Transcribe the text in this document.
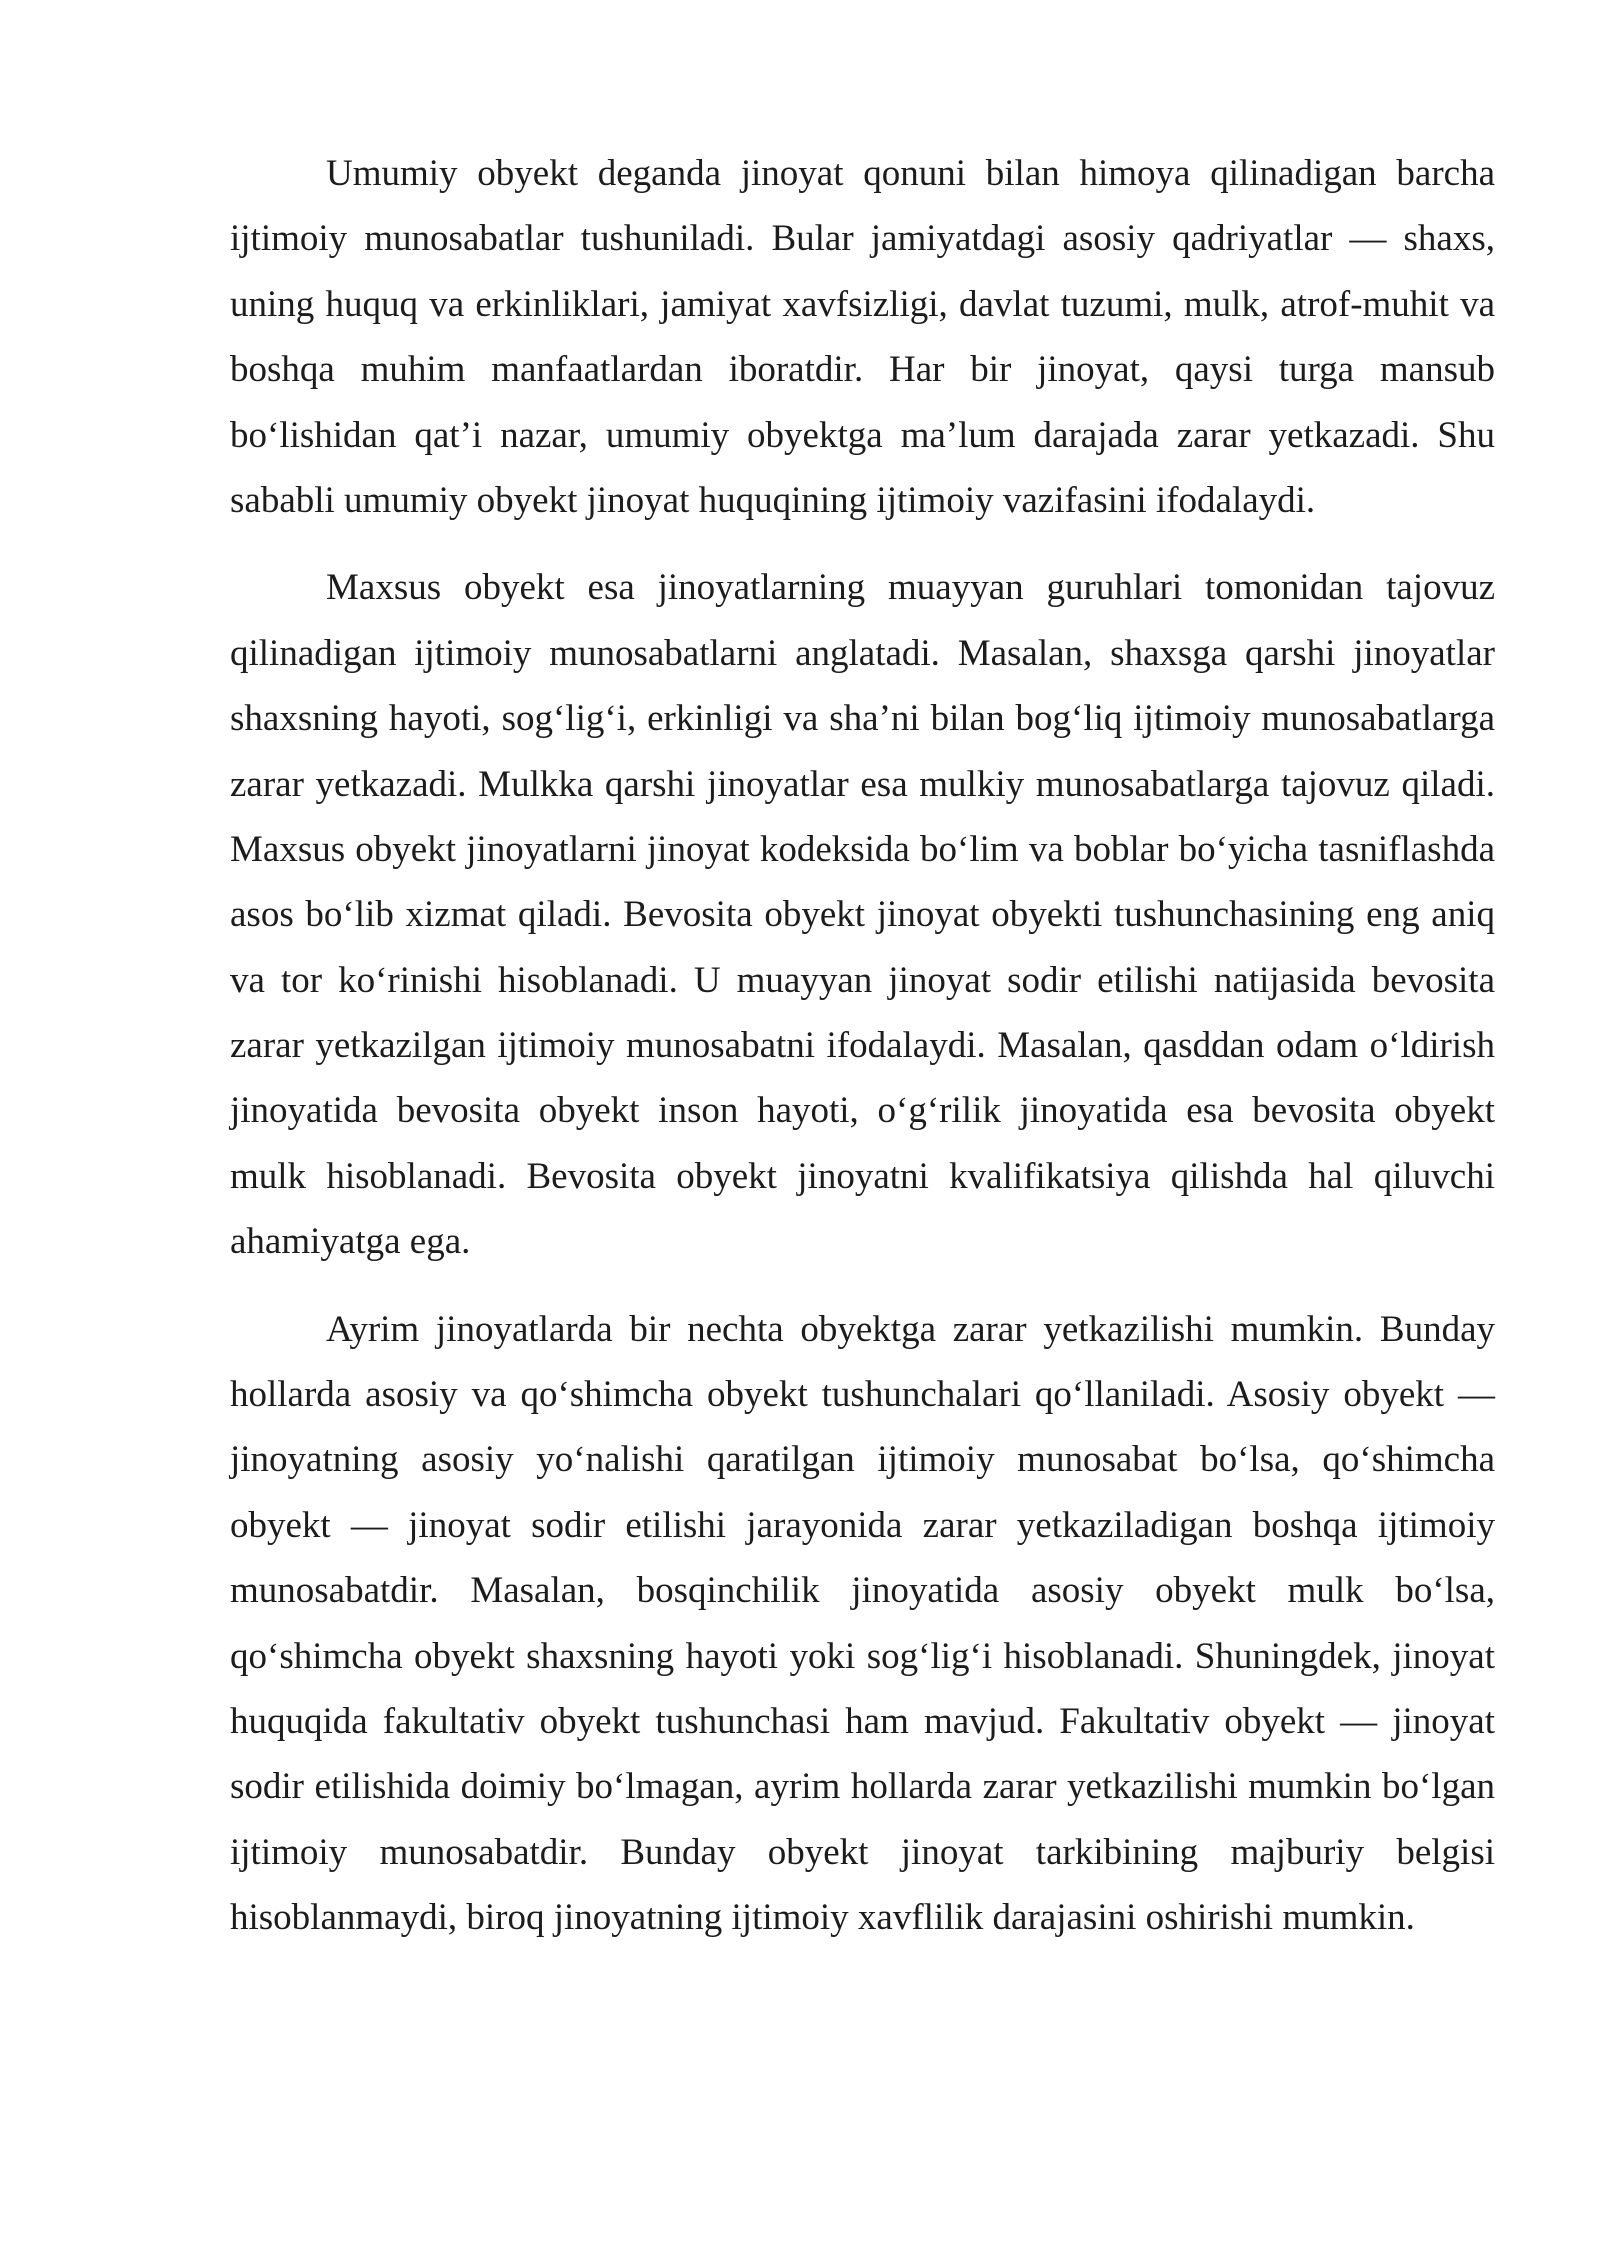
Umumiy obyekt deganda jinoyat qonuni bilan himoya qilinadigan barcha
ijtimoiy munosabatlar tushuniladi. Bular jamiyatdagi asosiy qadriyatlar — shaxs,
uning huquq va erkinliklari, jamiyat xavfsizligi, davlat tuzumi, mulk, atrof-muhit va
boshqa muhim manfaatlardan iboratdir. Har bir jinoyat, qaysi turga mansub
bo‘lishidan qat’i nazar, umumiy obyektga ma’lum darajada zarar yetkazadi. Shu
sababli umumiy obyekt jinoyat huquqining ijtimoiy vazifasini ifodalaydi.
Maxsus obyekt esa jinoyatlarning muayyan guruhlari tomonidan tajovuz
qilinadigan ijtimoiy munosabatlarni anglatadi. Masalan, shaxsga qarshi jinoyatlar
shaxsning hayoti, sog‘lig‘i, erkinligi va sha’ni bilan bog‘liq ijtimoiy munosabatlarga
zarar yetkazadi. Mulkka qarshi jinoyatlar esa mulkiy munosabatlarga tajovuz qiladi.
Maxsus obyekt jinoyatlarni jinoyat kodeksida bo‘lim va boblar bo‘yicha tasniflashda
asos bo‘lib xizmat qiladi. Bevosita obyekt jinoyat obyekti tushunchasining eng aniq
va tor ko‘rinishi hisoblanadi. U muayyan jinoyat sodir etilishi natijasida bevosita
zarar yetkazilgan ijtimoiy munosabatni ifodalaydi. Masalan, qasddan odam o‘ldirish
jinoyatida bevosita obyekt inson hayoti, o‘g‘rilik jinoyatida esa bevosita obyekt
mulk hisoblanadi. Bevosita obyekt jinoyatni kvalifikatsiya qilishda hal qiluvchi
ahamiyatga ega.
Ayrim jinoyatlarda bir nechta obyektga zarar yetkazilishi mumkin. Bunday
hollarda asosiy va qo‘shimcha obyekt tushunchalari qo‘llaniladi. Asosiy obyekt —
jinoyatning asosiy yo‘nalishi qaratilgan ijtimoiy munosabat bo‘lsa, qo‘shimcha
obyekt — jinoyat sodir etilishi jarayonida zarar yetkaziladigan boshqa ijtimoiy
munosabatdir. Masalan, bosqinchilik jinoyatida asosiy obyekt mulk bo‘lsa,
qo‘shimcha obyekt shaxsning hayoti yoki sog‘lig‘i hisoblanadi. Shuningdek, jinoyat
huquqida fakultativ obyekt tushunchasi ham mavjud. Fakultativ obyekt — jinoyat
sodir etilishida doimiy bo‘lmagan, ayrim hollarda zarar yetkazilishi mumkin bo‘lgan
ijtimoiy munosabatdir. Bunday obyekt jinoyat tarkibining majburiy belgisi
hisoblanmaydi, biroq jinoyatning ijtimoiy xavflilik darajasini oshirishi mumkin.
